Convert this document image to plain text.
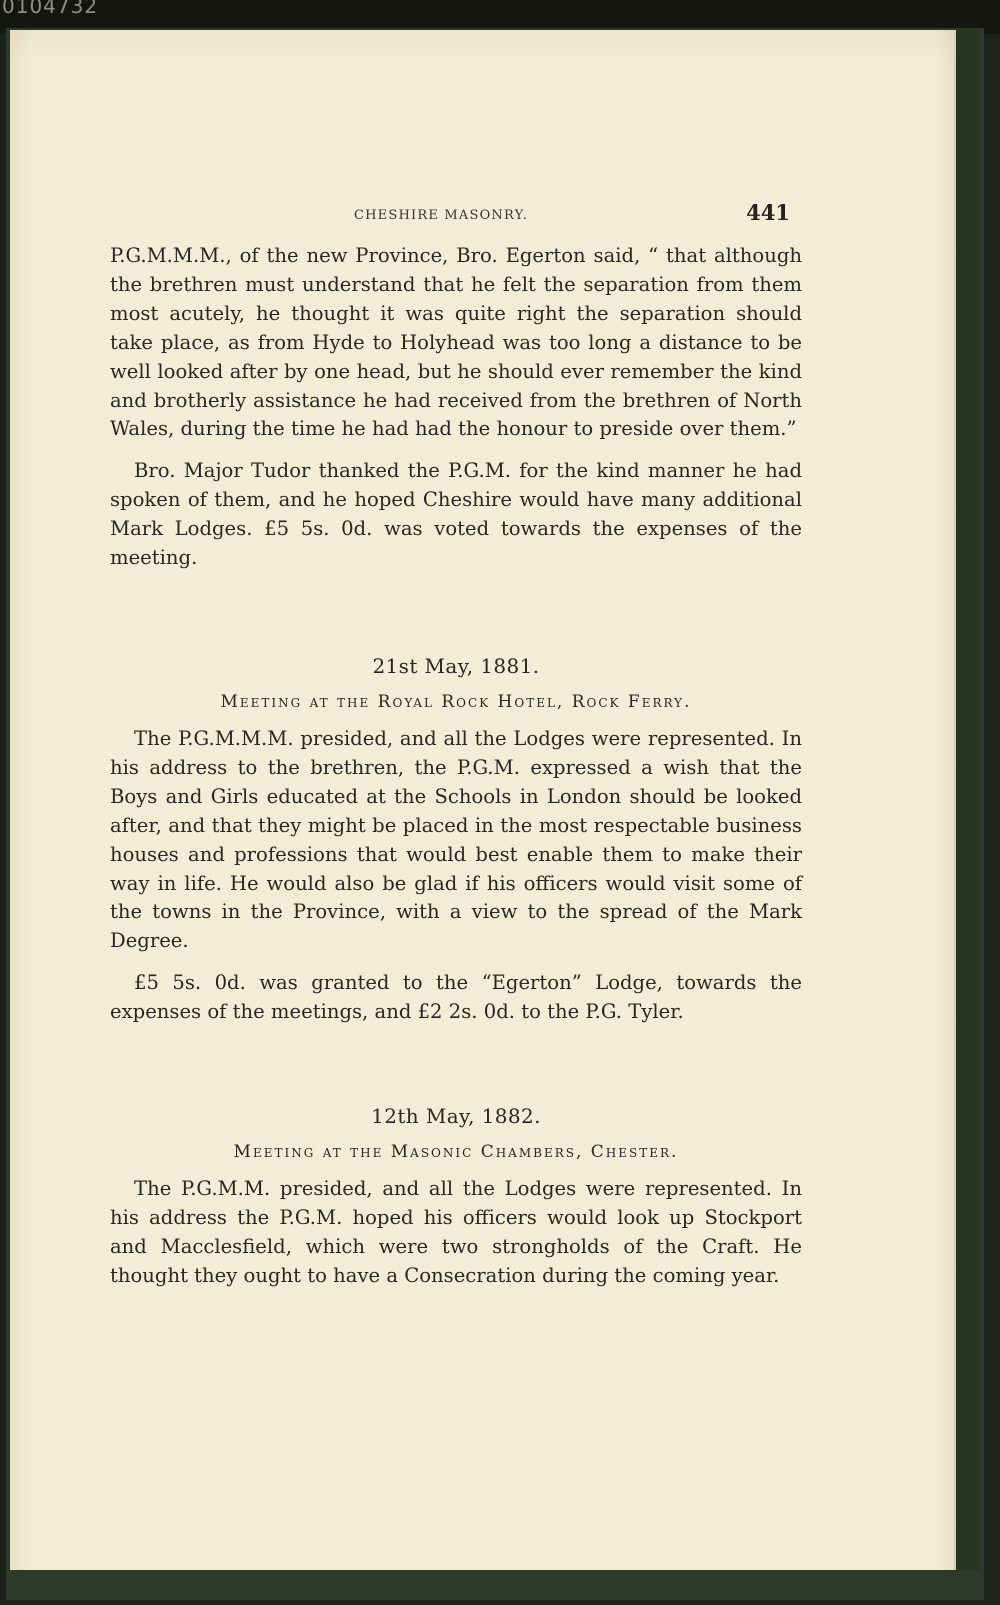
0104732
CHESHIRE MASONRY.	441

P.G.M.M.M., of the new Province, Bro. Egerton said, “ that although the brethren must understand that he felt the separation from them most acutely, he thought it was quite right the separation should take place, as from Hyde to Holyhead was too long a distance to be well looked after by one head, but he should ever remember the kind and brotherly assistance he had received from the brethren of North Wales, during the time he had had the honour to preside over them.”

Bro. Major Tudor thanked the P.G.M. for the kind manner he had spoken of them, and he hoped Cheshire would have many additional Mark Lodges. £5 5s. 0d. was voted towards the expenses of the meeting.

21st May, 1881.
Meeting at the Royal Rock Hotel, Rock Ferry.

The P.G.M.M.M. presided, and all the Lodges were represented. In his address to the brethren, the P.G.M. expressed a wish that the Boys and Girls educated at the Schools in London should be looked after, and that they might be placed in the most respectable business houses and professions that would best enable them to make their way in life. He would also be glad if his officers would visit some of the towns in the Province, with a view to the spread of the Mark Degree.

£5 5s. 0d. was granted to the “Egerton” Lodge, towards the expenses of the meetings, and £2 2s. 0d. to the P.G. Tyler.

12th May, 1882.
Meeting at the Masonic Chambers, Chester.

The P.G.M.M. presided, and all the Lodges were represented. In his address the P.G.M. hoped his officers would look up Stockport and Macclesfield, which were two strongholds of the Craft. He thought they ought to have a Consecration during the coming year.
